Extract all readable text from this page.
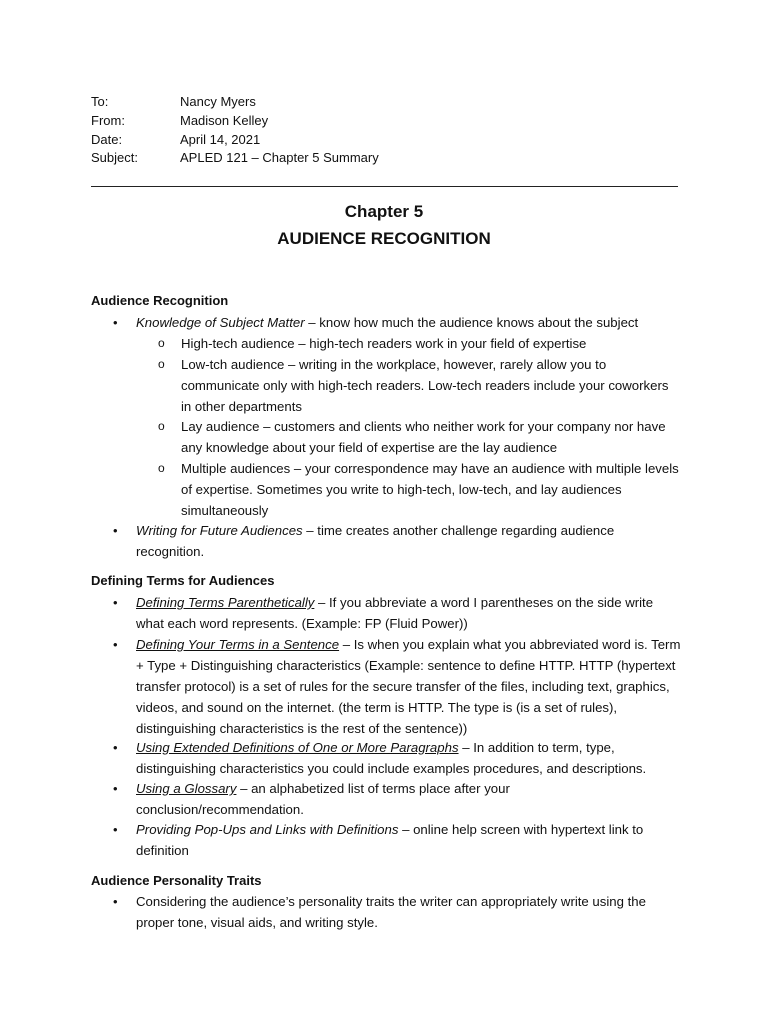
To:	Nancy Myers
From:	Madison Kelley
Date:	April 14, 2021
Subject:	APLED 121 – Chapter 5 Summary
Chapter 5
AUDIENCE RECOGNITION
Audience Recognition
• Knowledge of Subject Matter – know how much the audience knows about the subject
o High-tech audience – high-tech readers work in your field of expertise
o Low-tch audience – writing in the workplace, however, rarely allow you to communicate only with high-tech readers. Low-tech readers include your coworkers in other departments
o Lay audience – customers and clients who neither work for your company nor have any knowledge about your field of expertise are the lay audience
o Multiple audiences – your correspondence may have an audience with multiple levels of expertise. Sometimes you write to high-tech, low-tech, and lay audiences simultaneously
• Writing for Future Audiences – time creates another challenge regarding audience recognition.
Defining Terms for Audiences
• Defining Terms Parenthetically – If you abbreviate a word I parentheses on the side write what each word represents. (Example: FP (Fluid Power))
• Defining Your Terms in a Sentence – Is when you explain what you abbreviated word is. Term + Type + Distinguishing characteristics (Example: sentence to define HTTP. HTTP (hypertext transfer protocol) is a set of rules for the secure transfer of the files, including text, graphics, videos, and sound on the internet. (the term is HTTP. The type is (is a set of rules), distinguishing characteristics is the rest of the sentence))
• Using Extended Definitions of One or More Paragraphs – In addition to term, type, distinguishing characteristics you could include examples procedures, and descriptions.
• Using a Glossary – an alphabetized list of terms place after your conclusion/recommendation.
• Providing Pop-Ups and Links with Definitions – online help screen with hypertext link to definition
Audience Personality Traits
• Considering the audience’s personality traits the writer can appropriately write using the proper tone, visual aids, and writing style.
